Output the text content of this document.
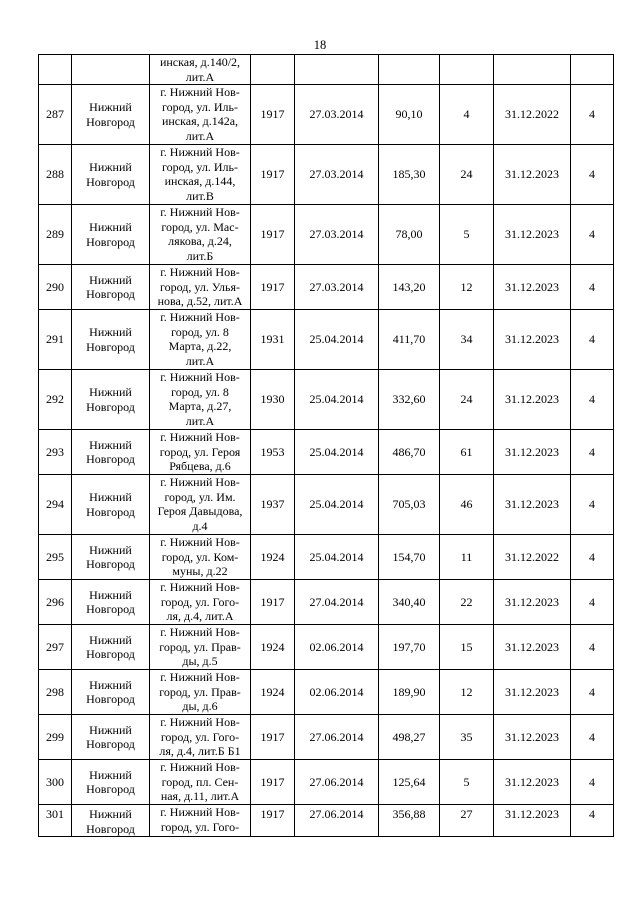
18
		инская, д.140/2,
лит.А						
287	Нижний
Новгород	г. Нижний Нов-
город, ул. Иль-
инская, д.142а,
лит.А	1917	27.03.2014	90,10	4	31.12.2022	4
288	Нижний
Новгород	г. Нижний Нов-
город, ул. Иль-
инская, д.144,
лит.В	1917	27.03.2014	185,30	24	31.12.2023	4
289	Нижний
Новгород	г. Нижний Нов-
город, ул. Мас-
лякова, д.24,
лит.Б	1917	27.03.2014	78,00	5	31.12.2023	4
290	Нижний
Новгород	г. Нижний Нов-
город, ул. Улья-
нова, д.52, лит.А	1917	27.03.2014	143,20	12	31.12.2023	4
291	Нижний
Новгород	г. Нижний Нов-
город, ул. 8
Марта, д.22,
лит.А	1931	25.04.2014	411,70	34	31.12.2023	4
292	Нижний
Новгород	г. Нижний Нов-
город, ул. 8
Марта, д.27,
лит.А	1930	25.04.2014	332,60	24	31.12.2023	4
293	Нижний
Новгород	г. Нижний Нов-
город, ул. Героя
Рябцева, д.6	1953	25.04.2014	486,70	61	31.12.2023	4
294	Нижний
Новгород	г. Нижний Нов-
город, ул. Им.
Героя Давыдова,
д.4	1937	25.04.2014	705,03	46	31.12.2023	4
295	Нижний
Новгород	г. Нижний Нов-
город, ул. Ком-
муны, д.22	1924	25.04.2014	154,70	11	31.12.2022	4
296	Нижний
Новгород	г. Нижний Нов-
город, ул. Гого-
ля, д.4, лит.А	1917	27.04.2014	340,40	22	31.12.2023	4
297	Нижний
Новгород	г. Нижний Нов-
город, ул. Прав-
ды, д.5	1924	02.06.2014	197,70	15	31.12.2023	4
298	Нижний
Новгород	г. Нижний Нов-
город, ул. Прав-
ды, д.6	1924	02.06.2014	189,90	12	31.12.2023	4
299	Нижний
Новгород	г. Нижний Нов-
город, ул. Гого-
ля, д.4, лит.Б Б1	1917	27.06.2014	498,27	35	31.12.2023	4
300	Нижний
Новгород	г. Нижний Нов-
город, пл. Сен-
ная, д.11, лит.А	1917	27.06.2014	125,64	5	31.12.2023	4
301	Нижний
Новгород	г. Нижний Нов-
город, ул. Гого-	1917	27.06.2014	356,88	27	31.12.2023	4
